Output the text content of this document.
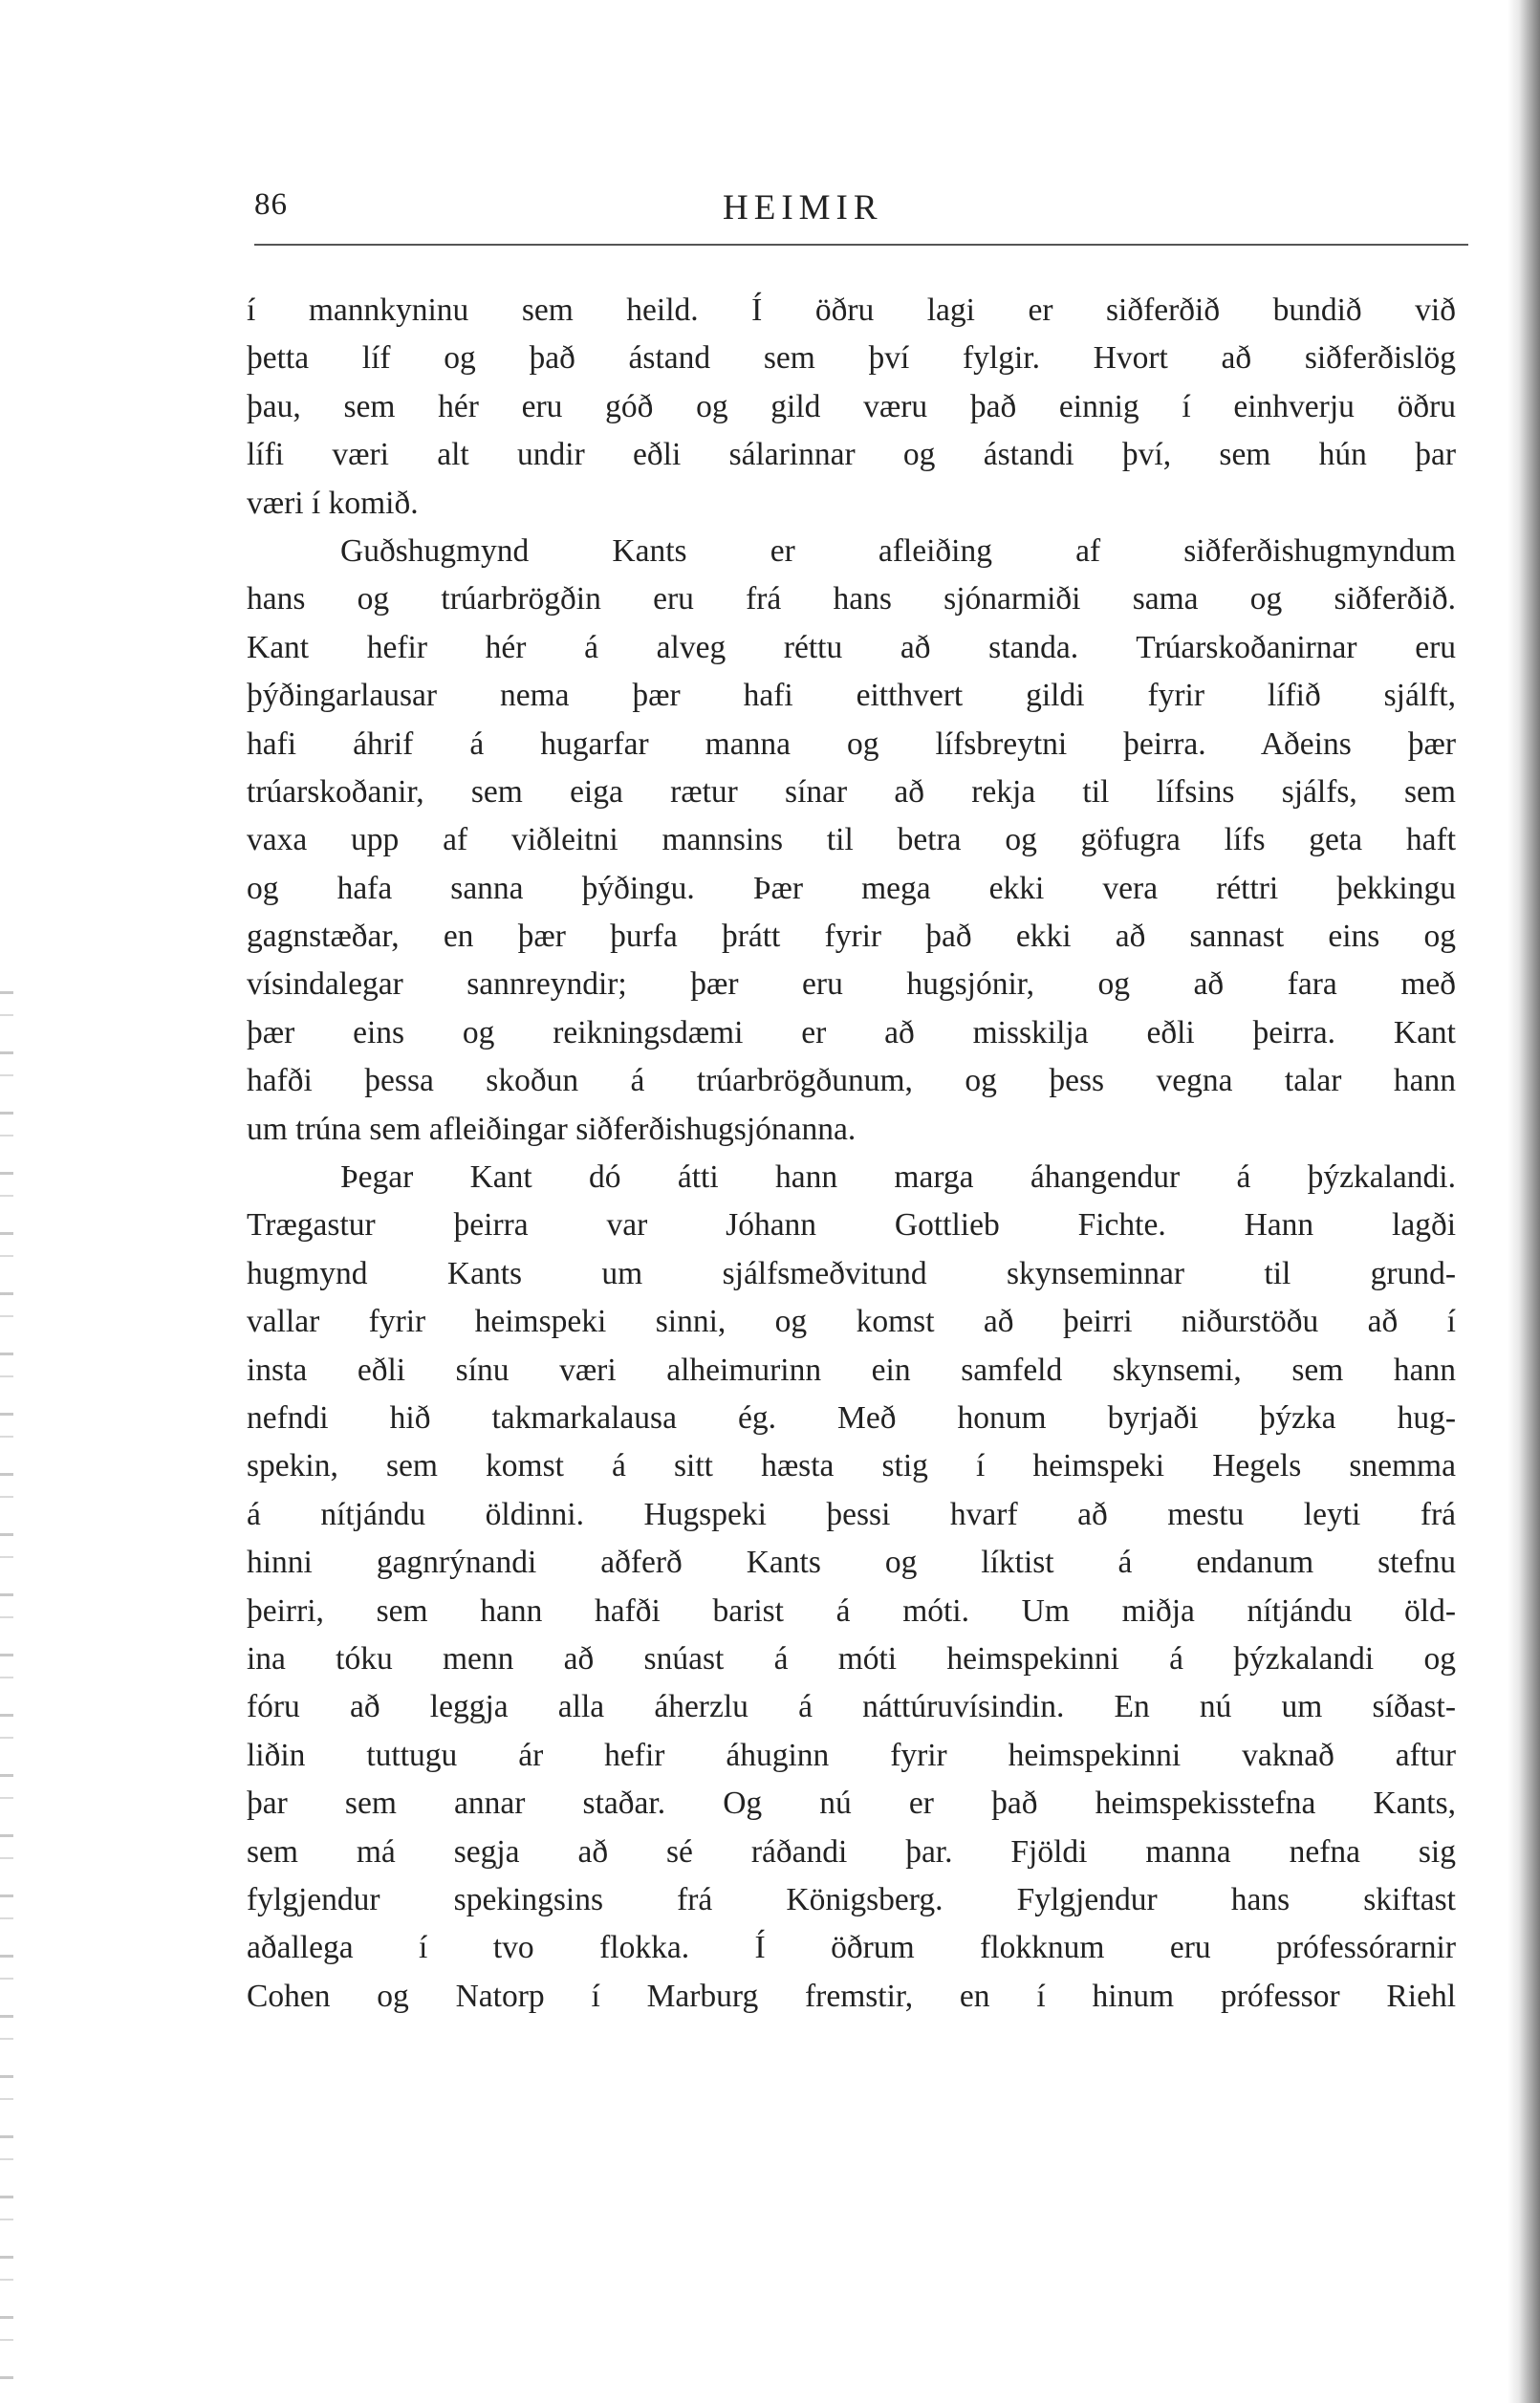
86	HEIMIR
í mannkyninu sem heild. Í öðru lagi er siðferðið bundið við
þetta líf og það ástand sem því fylgir. Hvort að siðferðislög
þau, sem hér eru góð og gild væru það einnig í einhverju öðru
lífi væri alt undir eðli sálarinnar og ástandi því, sem hún þar
væri í komið.
Guðshugmynd Kants er afleiðing af siðferðishugmyndum
hans og trúarbrögðin eru frá hans sjónarmiði sama og siðferðið.
Kant hefir hér á alveg réttu að standa. Trúarskoðanirnar eru
þýðingarlausar nema þær hafi eitthvert gildi fyrir lífið sjálft,
hafi áhrif á hugarfar manna og lífsbreytni þeirra. Aðeins þær
trúarskoðanir, sem eiga rætur sínar að rekja til lífsins sjálfs, sem
vaxa upp af viðleitni mannsins til betra og göfugra lífs geta haft
og hafa sanna þýðingu. Þær mega ekki vera réttri þekkingu
gagnstæðar, en þær þurfa þrátt fyrir það ekki að sannast eins og
vísindalegar sannreyndir; þær eru hugsjónir, og að fara með
þær eins og reikningsdæmi er að misskilja eðli þeirra. Kant
hafði þessa skoðun á trúarbrögðunum, og þess vegna talar hann
um trúna sem afleiðingar siðferðishugsjónanna.
Þegar Kant dó átti hann marga áhangendur á þýzkalandi.
Trægastur þeirra var Jóhann Gottlieb Fichte. Hann lagði
hugmynd Kants um sjálfsmeðvitund skynseminnar til grund-
vallar fyrir heimspeki sinni, og komst að þeirri niðurstöðu að í
insta eðli sínu væri alheimurinn ein samfeld skynsemi, sem hann
nefndi hið takmarkalausa ég. Með honum byrjaði þýzka hug-
spekin, sem komst á sitt hæsta stig í heimspeki Hegels snemma
á nítjándu öldinni. Hugspeki þessi hvarf að mestu leyti frá
hinni gagnrýnandi aðferð Kants og líktist á endanum stefnu
þeirri, sem hann hafði barist á móti. Um miðja nítjándu öld-
ina tóku menn að snúast á móti heimspekinni á þýzkalandi og
fóru að leggja alla áherzlu á náttúruvísindin. En nú um síðast-
liðin tuttugu ár hefir áhuginn fyrir heimspekinni vaknað aftur
þar sem annar staðar. Og nú er það heimspekisstefna Kants,
sem má segja að sé ráðandi þar. Fjöldi manna nefna sig
fylgjendur spekingsins frá Königsberg. Fylgjendur hans skiftast
aðallega í tvo flokka. Í öðrum flokknum eru prófessórarnir
Cohen og Natorp í Marburg fremstir, en í hinum prófessor Riehl
